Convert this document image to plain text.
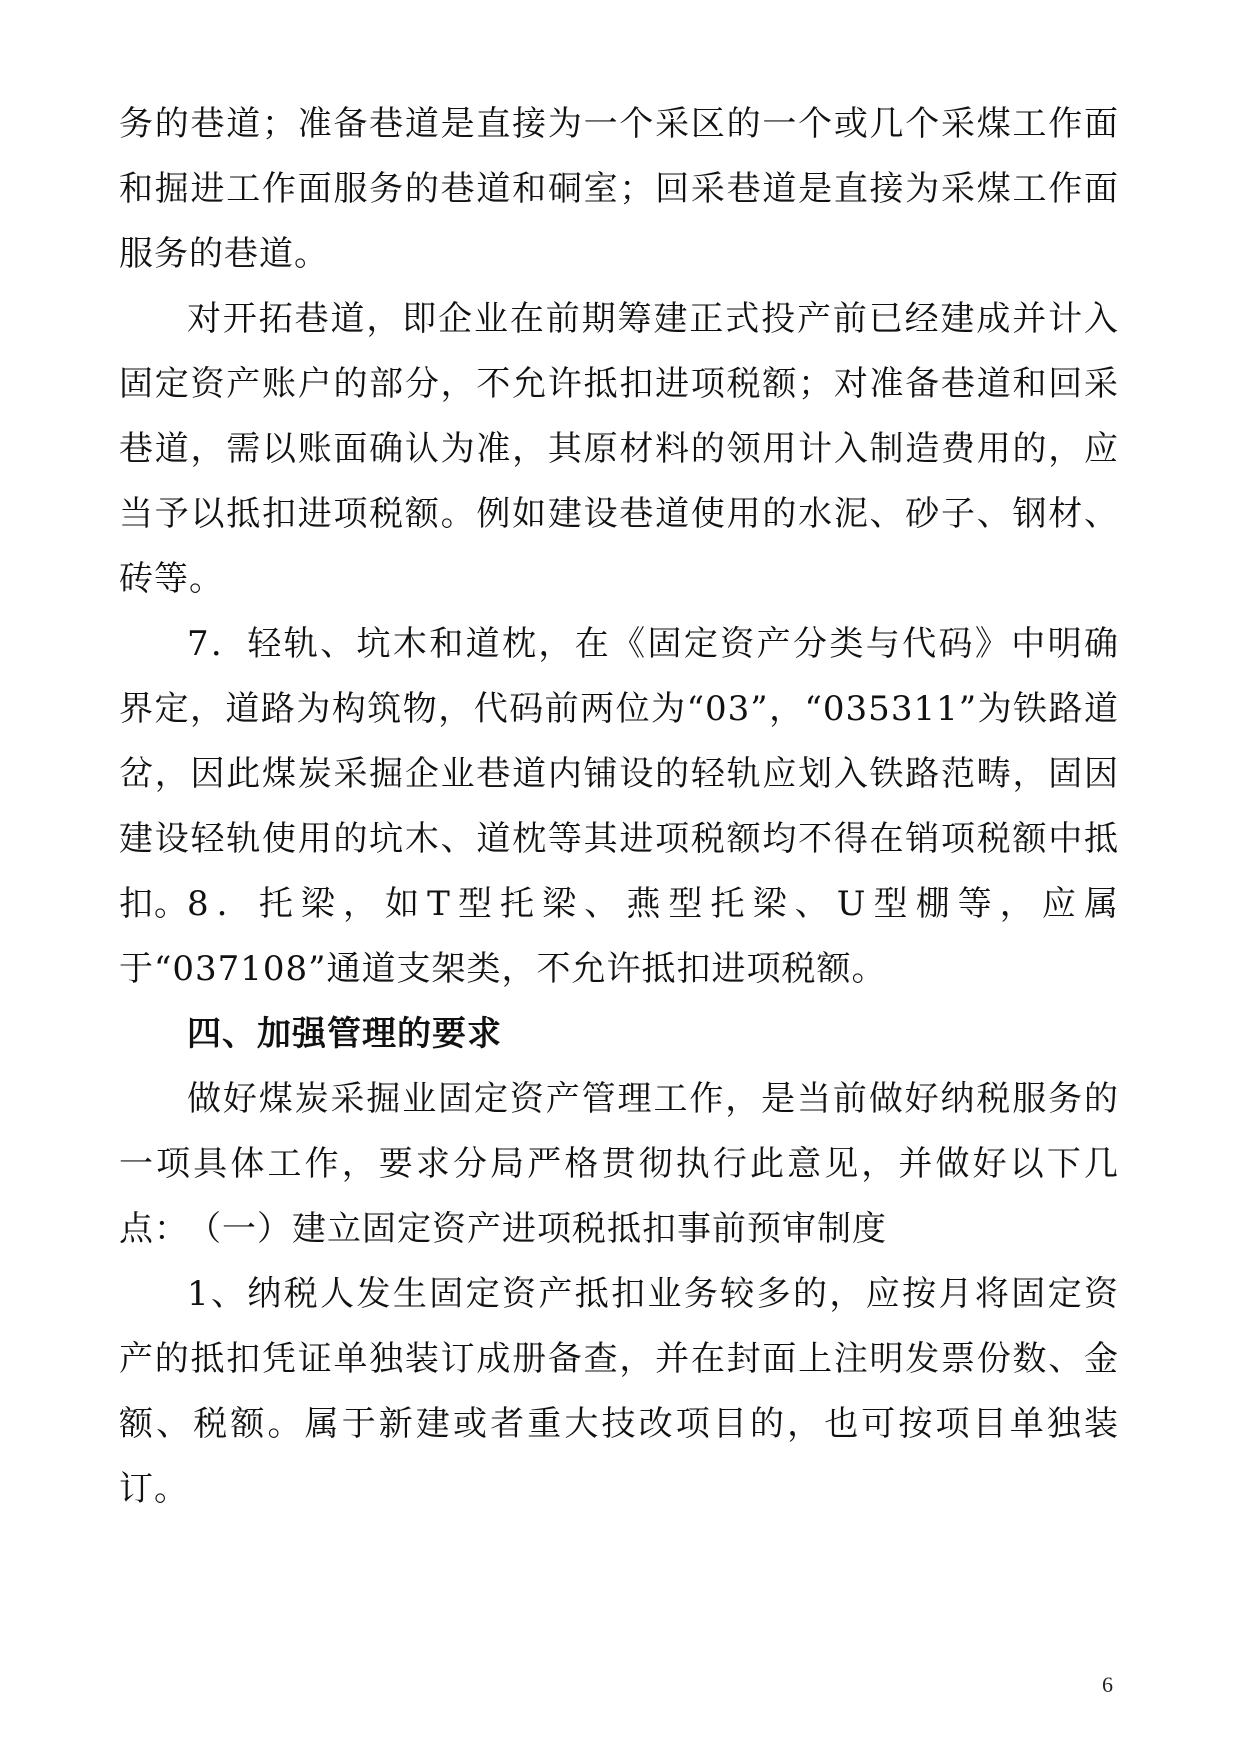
务的巷道；准备巷道是直接为一个采区的一个或几个采煤工作面和掘进工作面服务的巷道和硐室；回采巷道是直接为采煤工作面服务的巷道。

对开拓巷道，即企业在前期筹建正式投产前已经建成并计入固定资产账户的部分，不允许抵扣进项税额；对准备巷道和回采巷道，需以账面确认为准，其原材料的领用计入制造费用的，应当予以抵扣进项税额。例如建设巷道使用的水泥、砂子、钢材、砖等。

7．轻轨、坑木和道枕，在《固定资产分类与代码》中明确界定，道路为构筑物，代码前两位为“03”，“035311”为铁路道岔，因此煤炭采掘企业巷道内铺设的轻轨应划入铁路范畴，固因建设轻轨使用的坑木、道枕等其进项税额均不得在销项税额中抵扣。

8．托梁，如T型托梁、燕型托梁、U型棚等，应属于“037108”通道支架类，不允许抵扣进项税额。

四、加强管理的要求

做好煤炭采掘业固定资产管理工作，是当前做好纳税服务的一项具体工作，要求分局严格贯彻执行此意见，并做好以下几点：

（一）建立固定资产进项税抵扣事前预审制度

1、纳税人发生固定资产抵扣业务较多的，应按月将固定资产的抵扣凭证单独装订成册备查，并在封面上注明发票份数、金额、税额。属于新建或者重大技改项目的，也可按项目单独装订。

6
